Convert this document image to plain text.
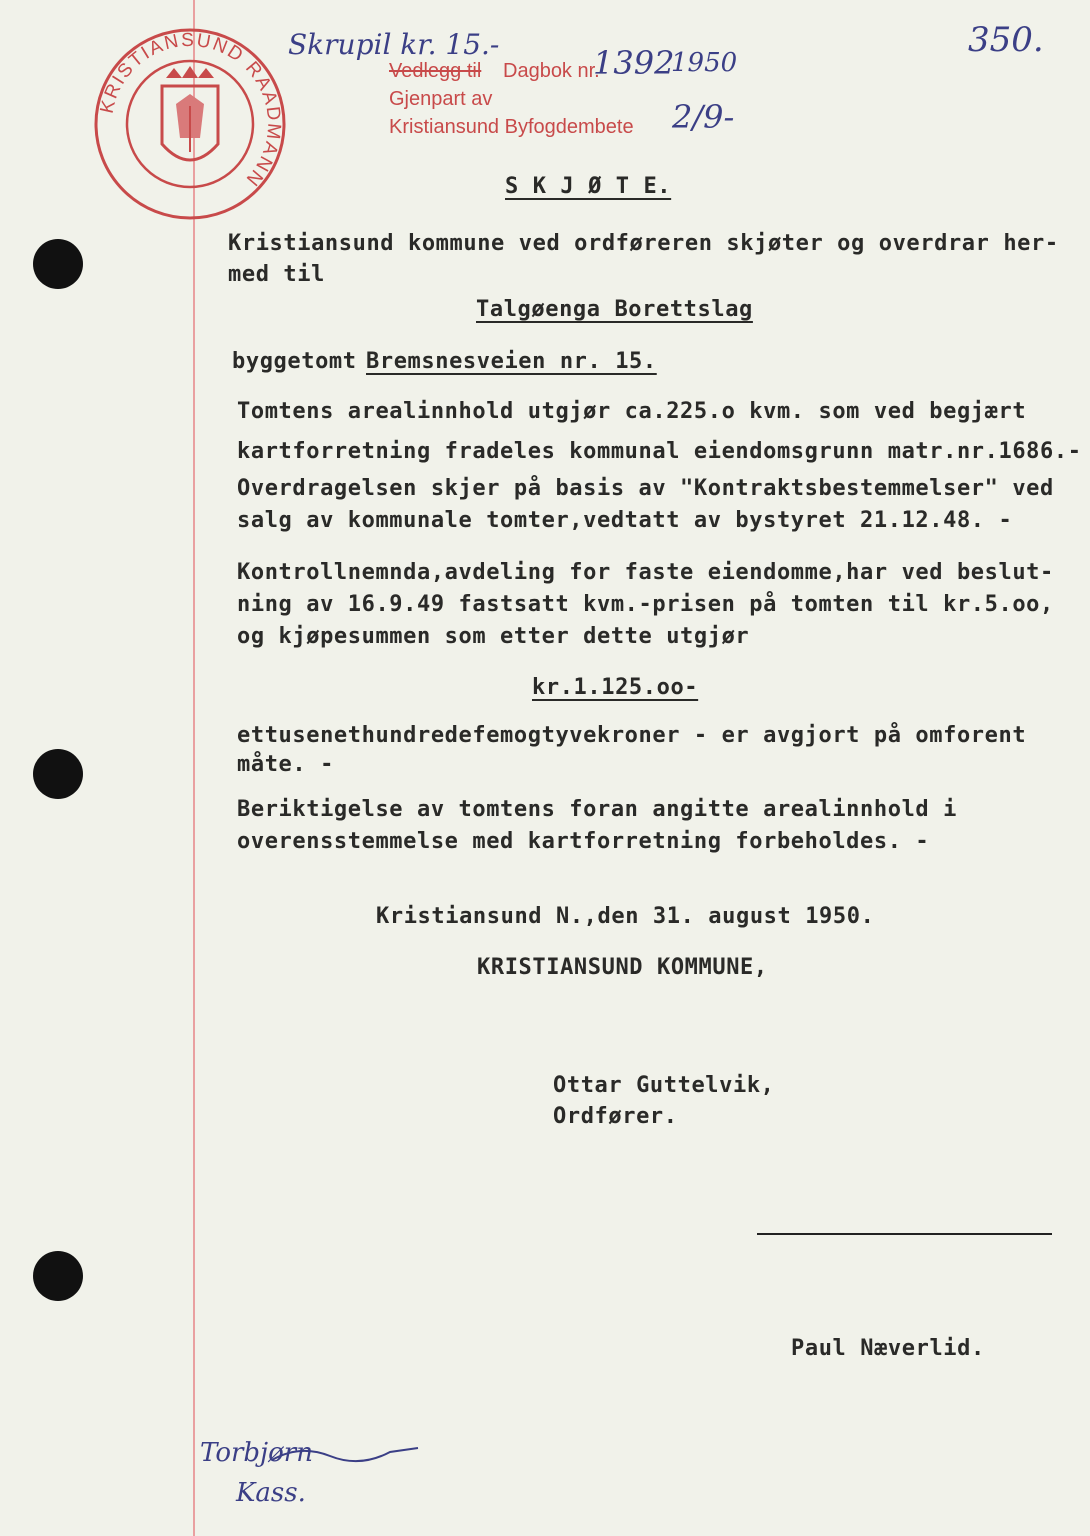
KRISTIANSUND RAADMANN
Skrupil kr. 15.-	350.
Vedlegg til Dagbok nr.
1392
1950
Gjenpart av
Kristiansund Byfogdembete 2/9-
S K J Ø T E.
Kristiansund kommune ved ordføreren skjøter og overdrar her-
med til
Talgøenga Borettslag
byggetomt Bremsnesveien nr. 15.
Tomtens arealinnhold utgjør ca.225.o kvm. som ved begjært
kartforretning fradeles kommunal eiendomsgrunn matr.nr.1686.-
Overdragelsen skjer på basis av "Kontraktsbestemmelser" ved
salg av kommunale tomter,vedtatt av bystyret 21.12.48. -
Kontrollnemnda,avdeling for faste eiendomme,har ved beslut-
ning av 16.9.49 fastsatt kvm.-prisen på tomten til kr.5.oo,
og kjøpesummen som etter dette utgjør
kr.1.125.oo-
ettusenethundredefemogtyvekroner - er avgjort på omforent
måte. -
Beriktigelse av tomtens foran angitte arealinnhold i
overensstemmelse med kartforretning forbeholdes. -
Kristiansund N.,den 31. august 1950.
KRISTIANSUND KOMMUNE,
Ottar Guttelvik,
Ordfører.
Paul Næverlid.
Torbjørn
Kass.
